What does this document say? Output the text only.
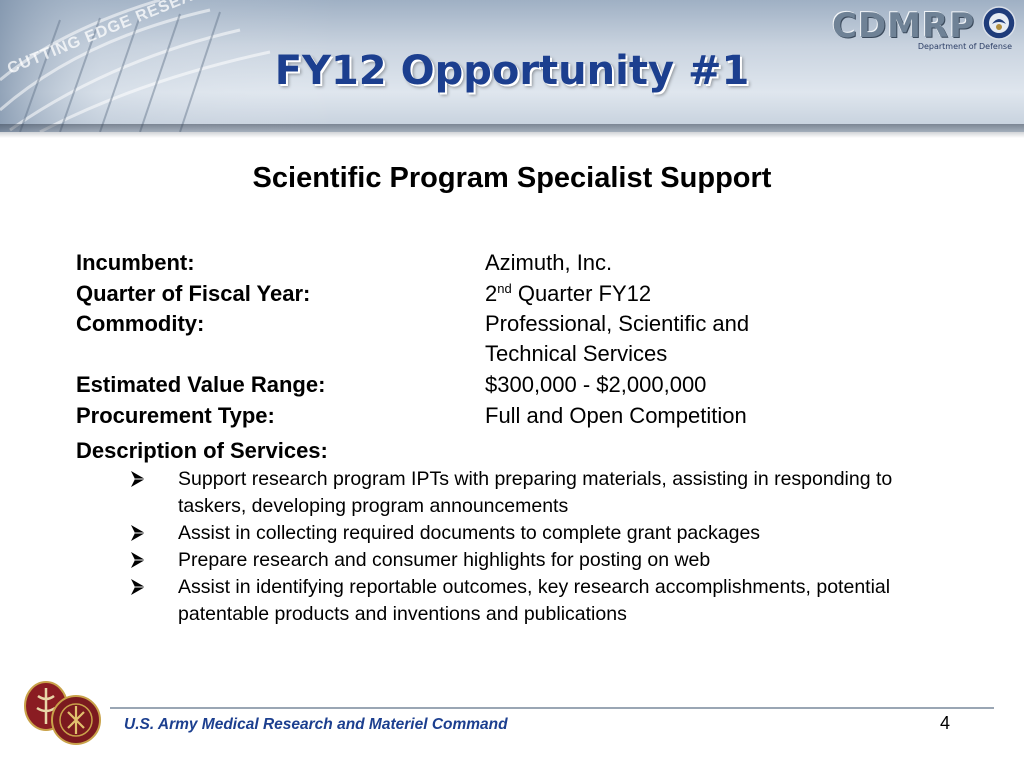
FY12 Opportunity #1
CDMRP
Department of Defense
Scientific Program Specialist Support
Incumbent:	Azimuth, Inc.
Quarter of Fiscal Year:	2nd Quarter FY12
Commodity:	Professional, Scientific and Technical Services
Estimated Value Range:	$300,000 - $2,000,000
Procurement Type:	Full and Open Competition
Description of Services:
Support research program IPTs with preparing materials, assisting in responding to taskers, developing program announcements
Assist in collecting required documents to complete grant packages
Prepare research and consumer highlights for posting on web
Assist in identifying reportable outcomes, key research accomplishments, potential patentable products and inventions and publications
U.S. Army Medical Research and Materiel Command	4
